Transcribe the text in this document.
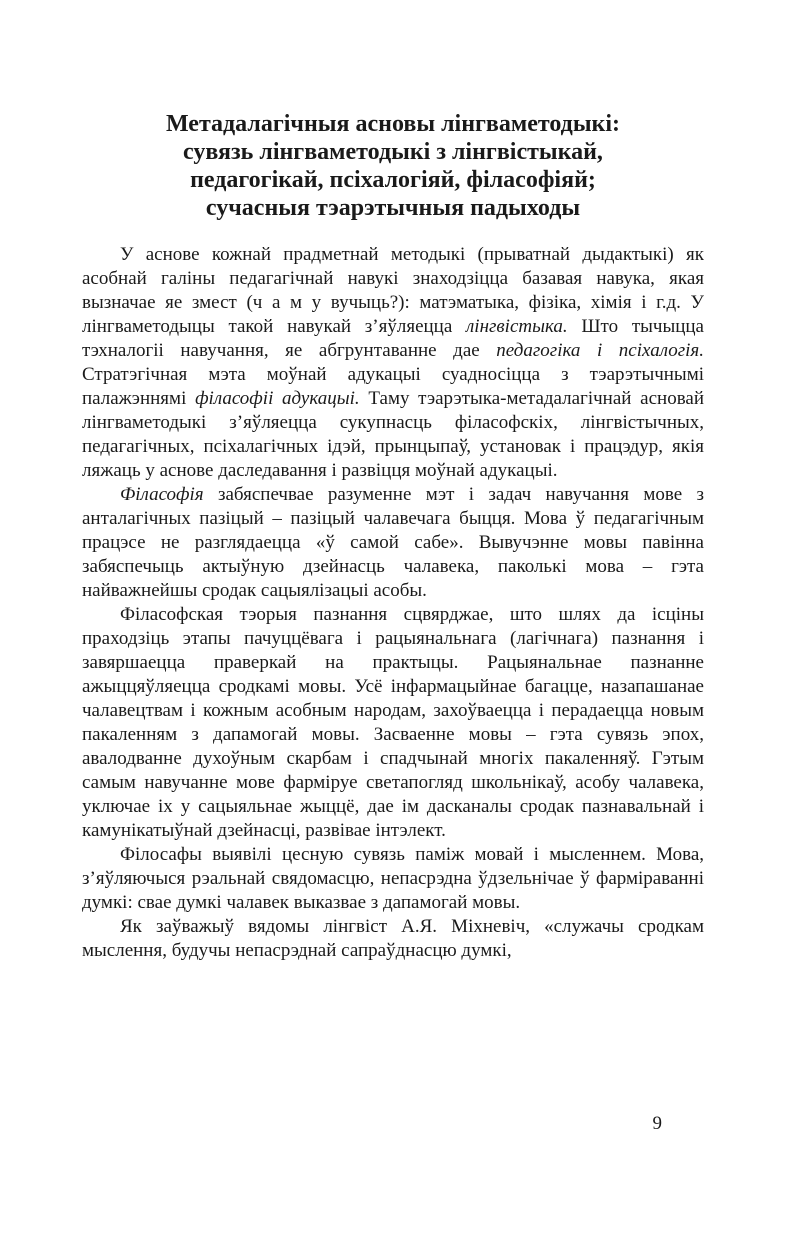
Метадалагічныя асновы лінгваметодыкі:
сувязь лінгваметодыкі з лінгвістыкай,
педагогікай, псіхалогіяй, філасофіяй;
сучасныя тэарэтычныя падыходы

У аснове кожнай прадметнай методыкі (прыватнай дыдактыкі) як асобнай галіны педагагічнай навукі знаходзіцца базавая навука, якая вызначае яе змест (ч а м у вучыць?): матэматыка, фізіка, хімія і г.д. У лінгваметодыцы такой навукай з’яўляецца лінгвістыка. Што тычыцца тэхналогіі навучання, яе абгрунтаванне дае педагогіка і псіхалогія. Стратэгічная мэта моўнай адукацыі суадносіцца з тэарэтычнымі палажэннямі філасофіі адукацыі. Таму тэарэтыка-метадалагічнай асновай лінгваметодыкі з’яўляецца сукупнасць філасофскіх, лінгвістычных, педагагічных, псіхалагічных ідэй, прынцыпаў, установак і працэдур, якія ляжаць у аснове даследавання і развіцця моўнай адукацыі.

Філасофія забяспечвае разуменне мэт і задач навучання мове з анталагічных пазіцый – пазіцый чалавечага быцця. Мова ў педагагічным працэсе не разглядаецца «ў самой сабе». Вывучэнне мовы павінна забяспечыць актыўную дзейнасць чалавека, паколькі мова – гэта найважнейшы сродак сацыялізацыі асобы.

Філасофская тэорыя пазнання сцвярджае, што шлях да ісціны праходзіць этапы пачуццёвага і рацыянальнага (лагічнага) пазнання і завяршаецца праверкай на практыцы. Рацыянальнае пазнанне ажыццяўляецца сродкамі мовы. Усё інфармацыйнае багацце, назапашанае чалавецтвам і кожным асобным народам, захоўваецца і перадаецца новым пакаленням з дапамогай мовы. Засваенне мовы – гэта сувязь эпох, авалодванне духоўным скарбам і спадчынай многіх пакаленняў. Гэтым самым навучанне мове фарміруе светапогляд школьнікаў, асобу чалавека, уключае іх у сацыяльнае жыццё, дае ім дасканалы сродак пазнавальнай і камунікатыўнай дзейнасці, развівае інтэлект.

Філосафы выявілі цесную сувязь паміж мовай і мысленнем. Мова, з’яўляючыся рэальнай свядомасцю, непасрэдна ўдзельнічае ў фарміраванні думкі: свае думкі чалавек выказвае з дапамогай мовы.

Як заўважыў вядомы лінгвіст А.Я. Міхневіч, «служачы сродкам мыслення, будучы непасрэднай сапраўднасцю думкі,

9
